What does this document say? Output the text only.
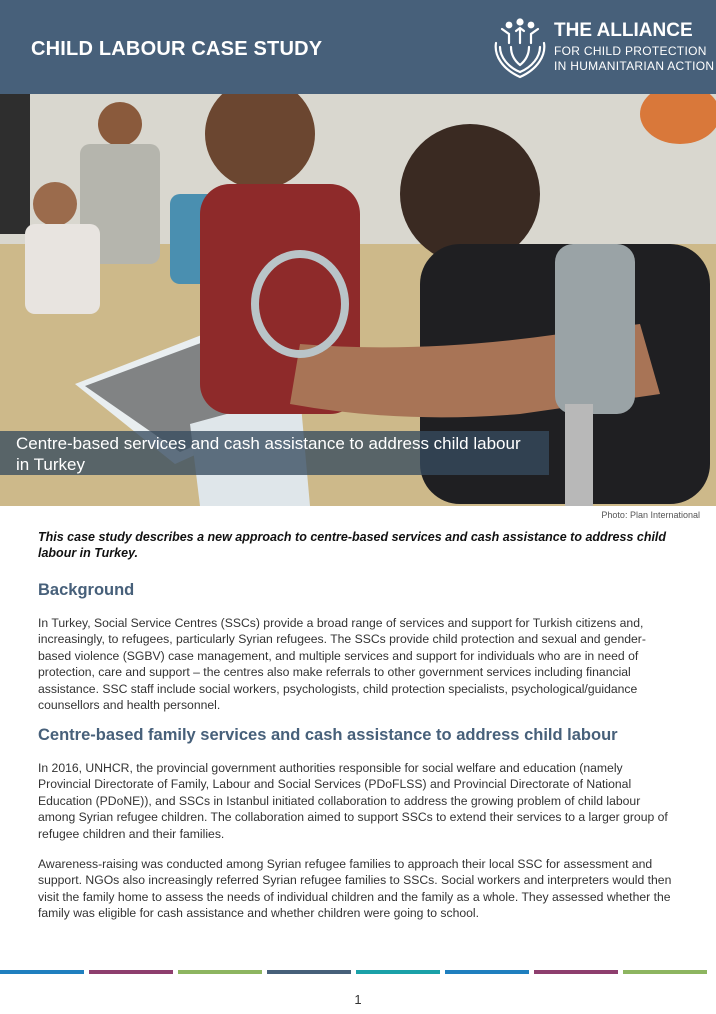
CHILD LABOUR CASE STUDY
THE ALLIANCE
FOR CHILD PROTECTION
IN HUMANITARIAN ACTION
Centre-based services and cash assistance to address child labour in Turkey
Photo: Plan International
This case study describes a new approach to centre-based services and cash assistance to address child labour in Turkey.
Background
In Turkey, Social Service Centres (SSCs) provide a broad range of services and support for Turkish citizens and, increasingly, to refugees, particularly Syrian refugees. The SSCs provide child protection and sexual and gender-based violence (SGBV) case management, and multiple services and support for individuals who are in need of protection, care and support – the centres also make referrals to other government services including financial assistance. SSC staff include social workers, psychologists, child protection specialists, psychological/guidance counsellors and health personnel.
Centre-based family services and cash assistance to address child labour
In 2016, UNHCR, the provincial government authorities responsible for social welfare and education (namely Provincial Directorate of Family, Labour and Social Services (PDoFLSS) and Provincial Directorate of National Education (PDoNE)), and SSCs in Istanbul initiated collaboration to address the growing problem of child labour among Syrian refugee children. The collaboration aimed to support SSCs to extend their services to a larger group of refugee children and their families.
Awareness-raising was conducted among Syrian refugee families to approach their local SSC for assessment and support. NGOs also increasingly referred Syrian refugee families to SSCs. Social workers and interpreters would then visit the family home to assess the needs of individual children and the family as a whole. They assessed whether the family was eligible for cash assistance and whether children were going to school.
1
